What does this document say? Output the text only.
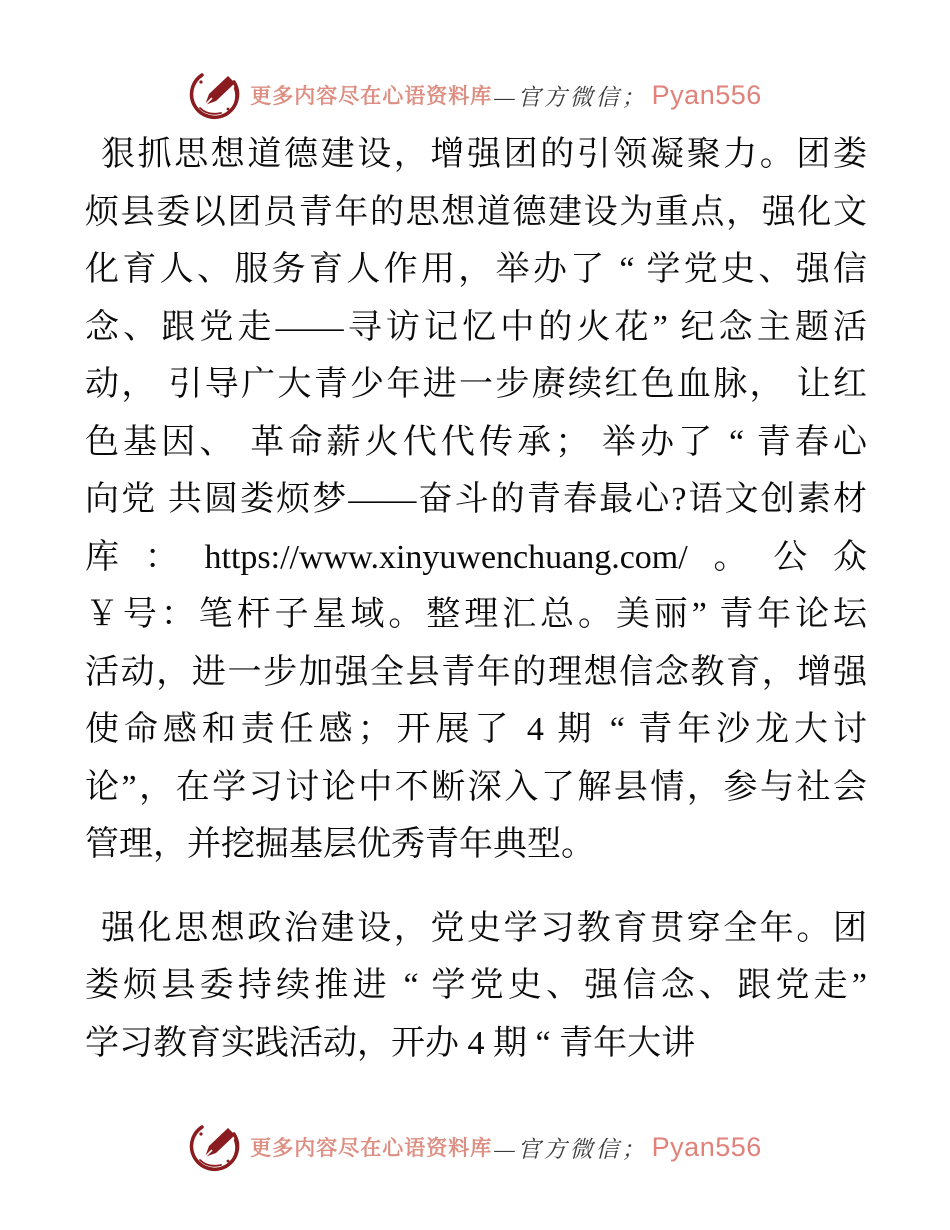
更多内容尽在心语资料库 —官方微信； Pyan556
狠抓思想道德建设，增强团的引领凝聚力。团娄
烦县委以团员青年的思想道德建设为重点，强化文
化育人、服务育人作用，举办了 “ 学党史、强信
念、跟党走——寻访记忆中的火花” 纪念主题活
动， 引导广大青少年进一步赓续红色血脉， 让红
色基因、 革命薪火代代传承； 举办了 “ 青春心
向党 共圆娄烦梦——奋斗的青春最心?语文创素材
库：https://www.xinyuwenchuang.com/。公众
￥号：笔杆子星域。整理汇总。美丽” 青年论坛
活动，进一步加强全县青年的理想信念教育，增强
使命感和责任感；开展了 4 期 “ 青年沙龙大讨
论”，在学习讨论中不断深入了解县情，参与社会
管理，并挖掘基层优秀青年典型。
强化思想政治建设，党史学习教育贯穿全年。团
娄烦县委持续推进 “ 学党史、强信念、跟党走”
学习教育实践活动，开办 4 期 “ 青年大讲
更多内容尽在心语资料库 —官方微信； Pyan556
